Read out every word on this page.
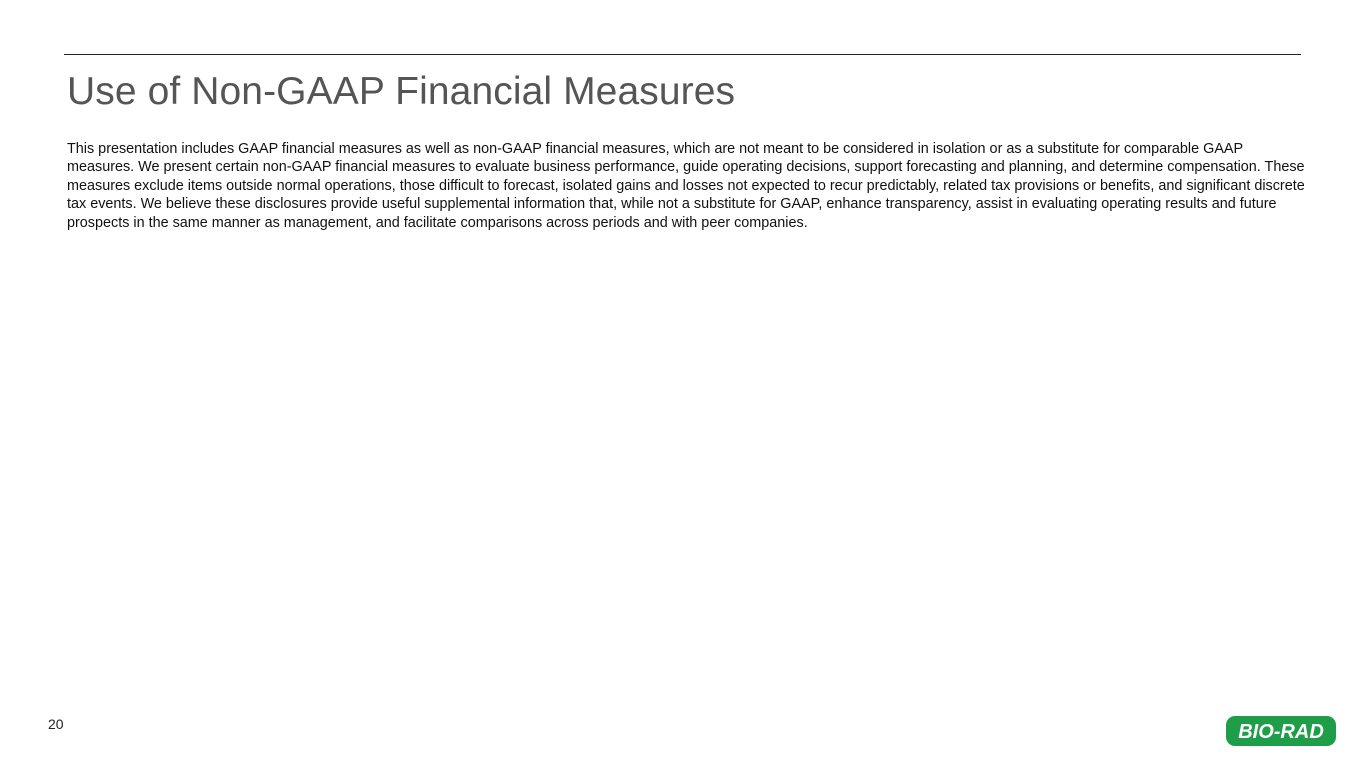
Use of Non-GAAP Financial Measures

This presentation includes GAAP financial measures as well as non-GAAP financial measures, which are not meant to be considered in isolation or as a substitute for comparable GAAP measures. We present certain non-GAAP financial measures to evaluate business performance, guide operating decisions, support forecasting and planning, and determine compensation. These measures exclude items outside normal operations, those difficult to forecast, isolated gains and losses not expected to recur predictably, related tax provisions or benefits, and significant discrete tax events. We believe these disclosures provide useful supplemental information that, while not a substitute for GAAP, enhance transparency, assist in evaluating operating results and future prospects in the same manner as management, and facilitate comparisons across periods and with peer companies.

20	BIO-RAD
